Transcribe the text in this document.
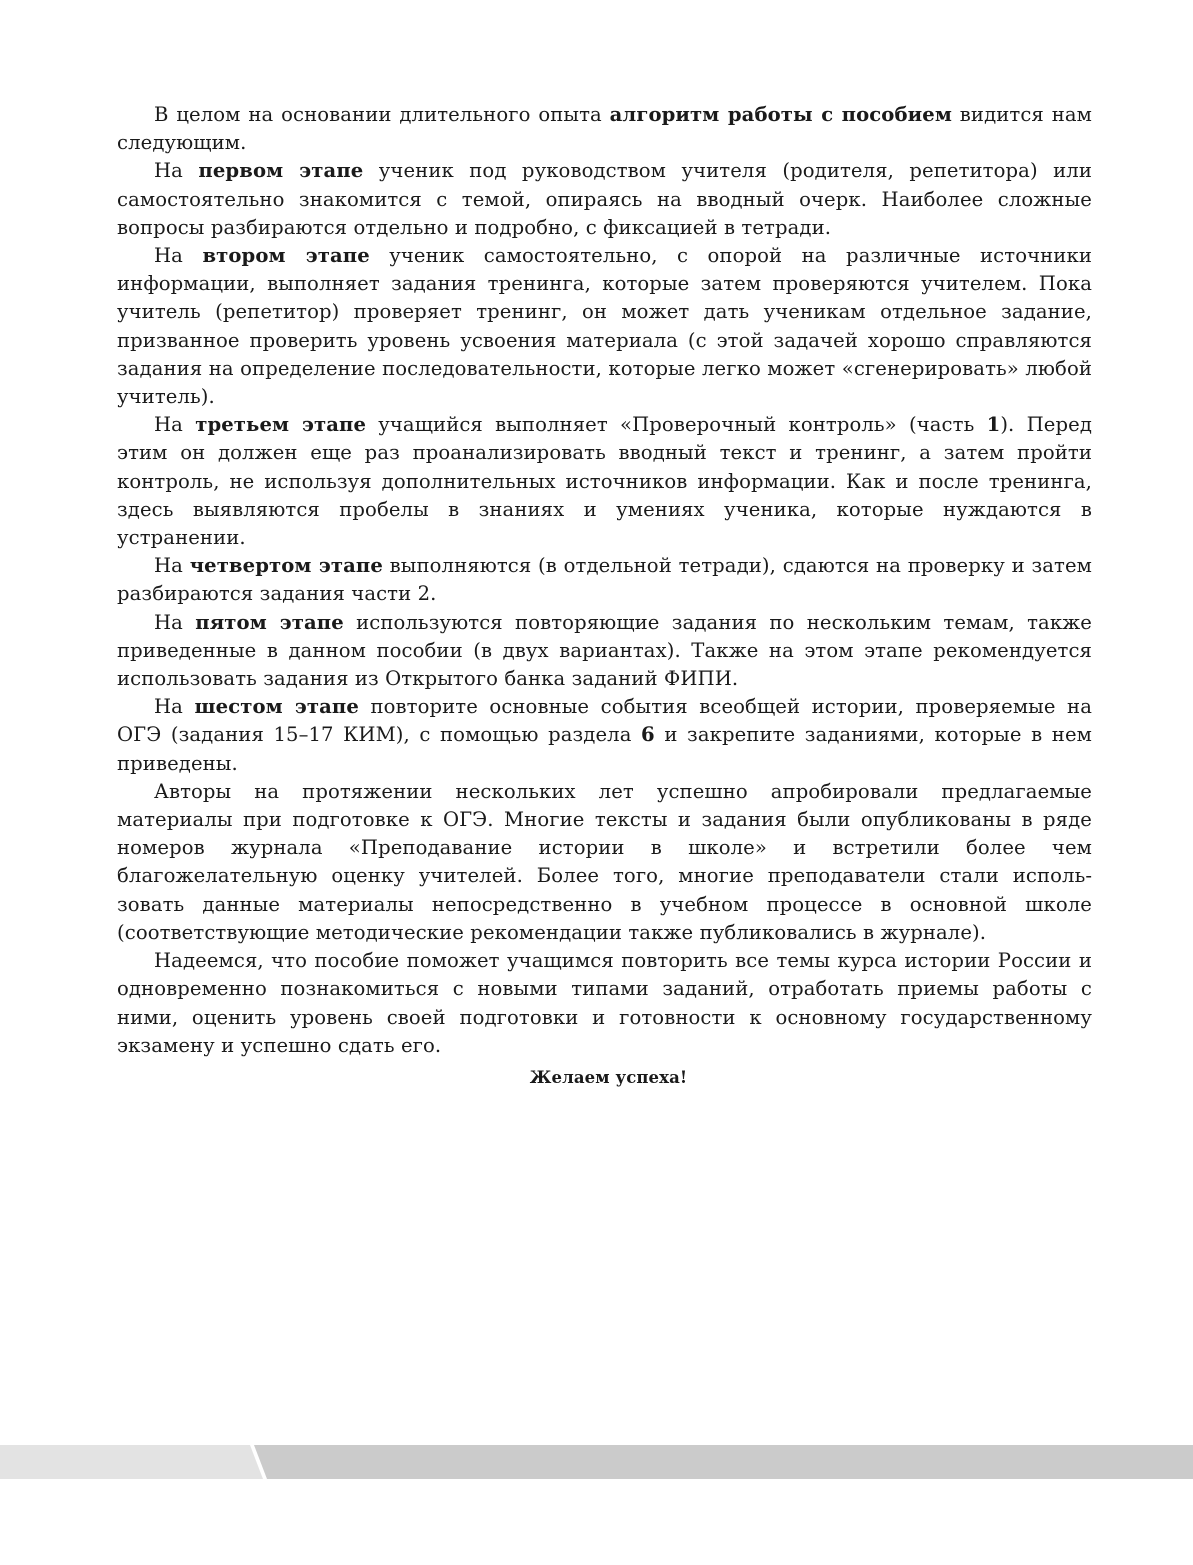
В целом на основании длительного опыта алгоритм работы с пособием видится нам следующим.

На первом этапе ученик под руководством учителя (родителя, репетитора) или самостоятельно знакомится с темой, опираясь на вводный очерк. Наиболее сложные вопросы разбираются отдельно и подробно, с фиксацией в тетради.

На втором этапе ученик самостоятельно, с опорой на различные источники информации, выполняет задания тренинга, которые затем проверяются учителем. Пока учитель (репетитор) проверяет тренинг, он может дать ученикам отдельное задание, призванное проверить уровень усвоения материала (с этой задачей хорошо справляются задания на определение последовательности, которые легко может «сгенерировать» любой учитель).

На третьем этапе учащийся выполняет «Проверочный контроль» (часть 1). Перед этим он должен еще раз проанализировать вводный текст и тренинг, а затем пройти контроль, не используя дополнительных источников информации. Как и после тренинга, здесь выявляются пробелы в знаниях и умениях ученика, которые нуждаются в устранении.

На четвертом этапе выполняются (в отдельной тетради), сдаются на проверку и затем разбираются задания части 2.

На пятом этапе используются повторяющие задания по нескольким темам, также приведенные в данном пособии (в двух вариантах). Также на этом этапе рекомендуется использовать задания из Открытого банка заданий ФИПИ.

На шестом этапе повторите основные события всеобщей истории, проверяемые на ОГЭ (задания 15–17 КИМ), с помощью раздела 6 и закрепите заданиями, которые в нем приведены.

Авторы на протяжении нескольких лет успешно апробировали предлагаемые материалы при подготовке к ОГЭ. Многие тексты и задания были опубликованы в ряде номеров журнала «Преподавание истории в школе» и встретили более чем благожелательную оценку учителей. Более того, многие преподаватели стали использовать данные материалы непосредственно в учебном процессе в основной школе (соответствующие методические рекомендации также публиковались в журнале).

Надеемся, что пособие поможет учащимся повторить все темы курса истории России и одновременно познакомиться с новыми типами заданий, отработать приемы работы с ними, оценить уровень своей подготовки и готовности к основному государственному экзамену и успешно сдать его.

Желаем успеха!
